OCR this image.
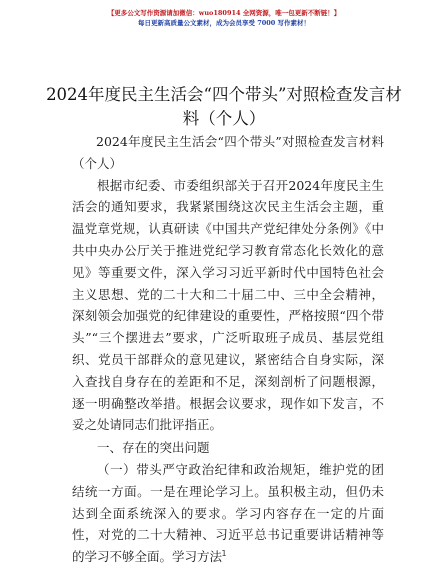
【更多公文写作资源请加微信：wuo180914 全网资源，唯一包更新不断链！】
每日更新高质量公文素材，成为会员享受 7000 写作素材！
2024年度民主生活会“四个带头”对照检查发言材料（个人）

2024年度民主生活会“四个带头”对照检查发言材料（个人）

根据市纪委、市委组织部关于召开2024年度民主生活会的通知要求，我紧紧围绕这次民主生活会主题，重温党章党规，认真研读《中国共产党纪律处分条例》《中共中央办公厅关于推进党纪学习教育常态化长效化的意见》等重要文件，深入学习习近平新时代中国特色社会主义思想、党的二十大和二十届二中、三中全会精神，深刻领会加强党的纪律建设的重要性，严格按照“四个带头”“三个摆进去”要求，广泛听取班子成员、基层党组织、党员干部群众的意见建议，紧密结合自身实际，深入查找自身存在的差距和不足，深刻剖析了问题根源，逐一明确整改举措。根据会议要求，现作如下发言，不妥之处请同志们批评指正。

一、存在的突出问题

（一）带头严守政治纪律和政治规矩，维护党的团结统一方面。一是在理论学习上。虽积极主动，但仍未达到全面系统深入的要求。学习内容存在一定的片面性，对党的二十大精神、习近平总书记重要讲话精神等的学习不够全面。学习方法 1
